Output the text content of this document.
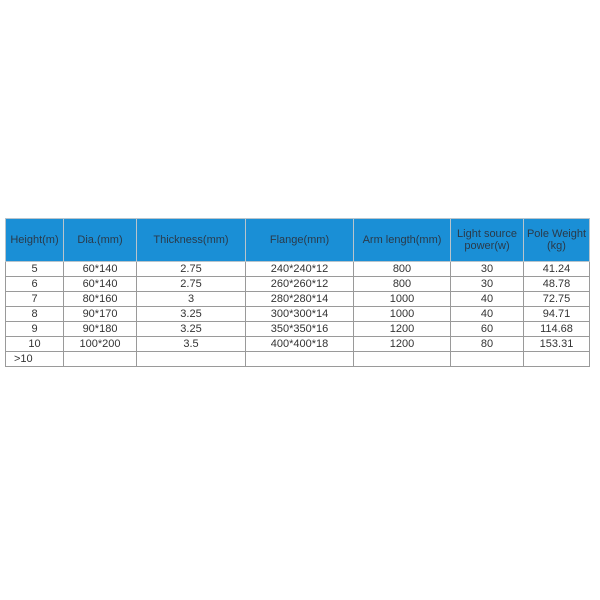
Height(m)	Dia.(mm)	Thickness(mm)	Flange(mm)	Arm length(mm)	Light source power(w)	Pole Weight (kg)
5	60*140	2.75	240*240*12	800	30	41.24
6	60*140	2.75	260*260*12	800	30	48.78
7	80*160	3	280*280*14	1000	40	72.75
8	90*170	3.25	300*300*14	1000	40	94.71
9	90*180	3.25	350*350*16	1200	60	114.68
10	100*200	3.5	400*400*18	1200	80	153.31
>10						
